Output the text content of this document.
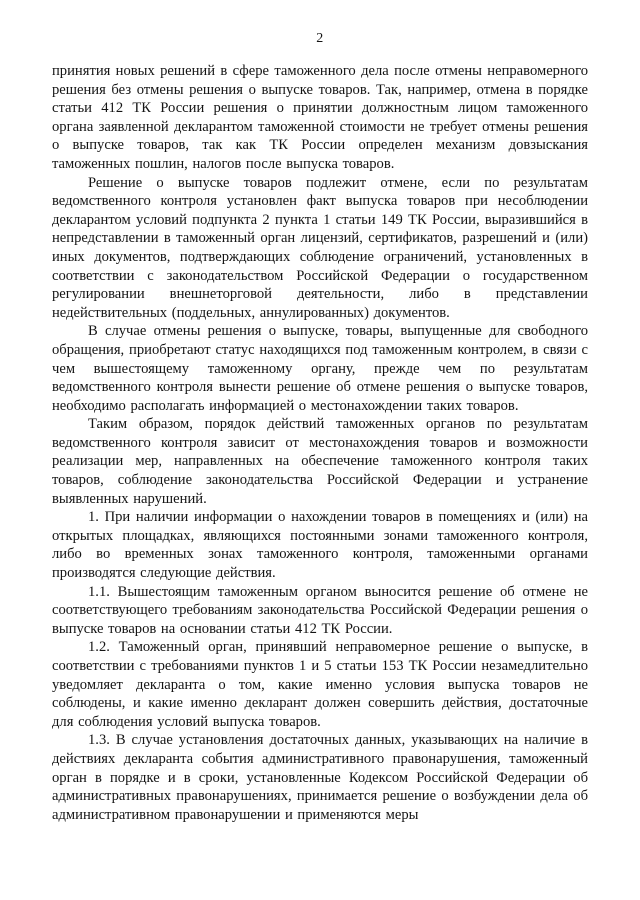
2

принятия новых решений в сфере таможенного дела после отмены неправомерного решения без отмены решения о выпуске товаров. Так, например, отмена в порядке статьи 412 ТК России решения о принятии должностным лицом таможенного органа заявленной декларантом таможенной стоимости не требует отмены решения о выпуске товаров, так как ТК России определен механизм довзыскания таможенных пошлин, налогов после выпуска товаров.

Решение о выпуске товаров подлежит отмене, если по результатам ведомственного контроля установлен факт выпуска товаров при несоблюдении декларантом условий подпункта 2 пункта 1 статьи 149 ТК России, выразившийся в непредставлении в таможенный орган лицензий, сертификатов, разрешений и (или) иных документов, подтверждающих соблюдение ограничений, установленных в соответствии с законодательством Российской Федерации о государственном регулировании внешнеторговой деятельности, либо в представлении недействительных (поддельных, аннулированных) документов.

В случае отмены решения о выпуске, товары, выпущенные для свободного обращения, приобретают статус находящихся под таможенным контролем, в связи с чем вышестоящему таможенному органу, прежде чем по результатам ведомственного контроля вынести решение об отмене решения о выпуске товаров, необходимо располагать информацией о местонахождении таких товаров.

Таким образом, порядок действий таможенных органов по результатам ведомственного контроля зависит от местонахождения товаров и возможности реализации мер, направленных на обеспечение таможенного контроля таких товаров, соблюдение законодательства Российской Федерации и устранение выявленных нарушений.

1. При наличии информации о нахождении товаров в помещениях и (или) на открытых площадках, являющихся постоянными зонами таможенного контроля, либо во временных зонах таможенного контроля, таможенными органами производятся следующие действия.

1.1. Вышестоящим таможенным органом выносится решение об отмене не соответствующего требованиям законодательства Российской Федерации решения о выпуске товаров на основании статьи 412 ТК России.

1.2. Таможенный орган, принявший неправомерное решение о выпуске, в соответствии с требованиями пунктов 1 и 5 статьи 153 ТК России незамедлительно уведомляет декларанта о том, какие именно условия выпуска товаров не соблюдены, и какие именно декларант должен совершить действия, достаточные для соблюдения условий выпуска товаров.

1.3. В случае установления достаточных данных, указывающих на наличие в действиях декларанта события административного правонарушения, таможенный орган в порядке и в сроки, установленные Кодексом Российской Федерации об административных правонарушениях, принимается решение о возбуждении дела об административном правонарушении и применяются меры
